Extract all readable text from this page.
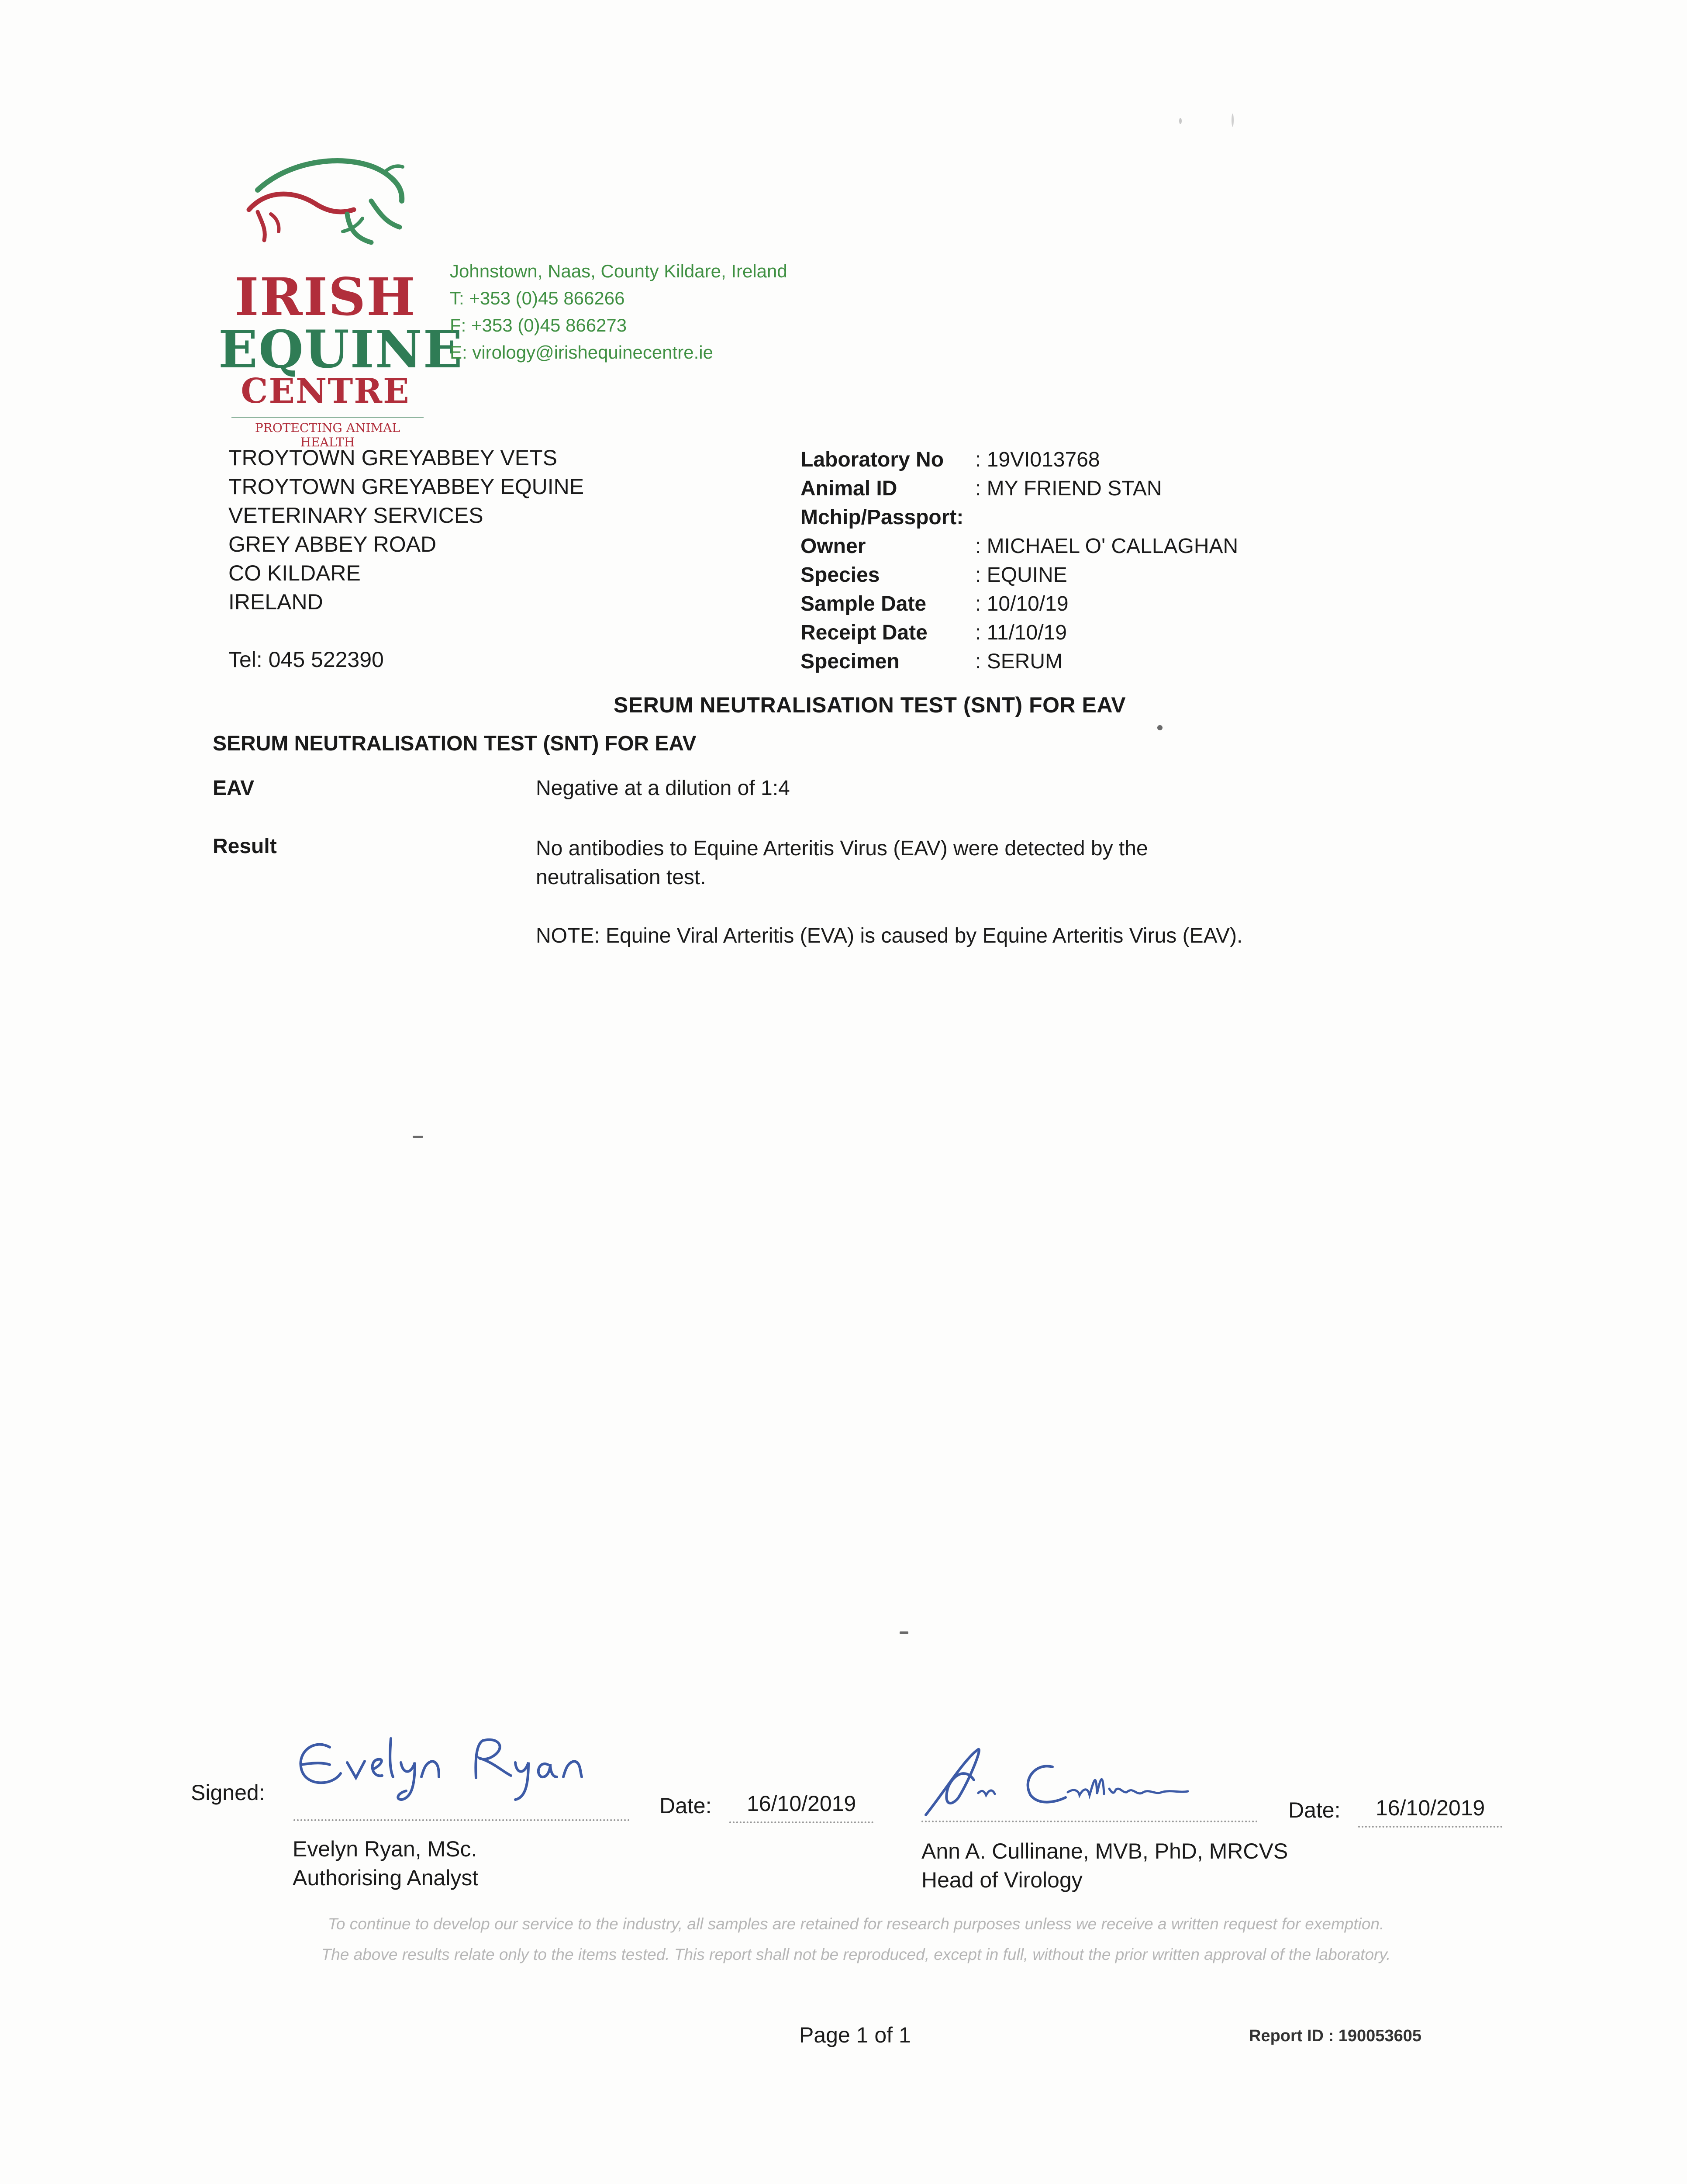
IRISH
EQUINE
CENTRE
PROTECTING ANIMAL HEALTH
Johnstown, Naas, County Kildare, Ireland
T: +353 (0)45 866266
F: +353 (0)45 866273
E: virology@irishequinecentre.ie
TROYTOWN GREYABBEY VETS
TROYTOWN GREYABBEY EQUINE
VETERINARY SERVICES
GREY ABBEY ROAD
CO KILDARE
IRELAND
Tel: 045 522390
Laboratory No	: 19VI013768
Animal ID	: MY FRIEND STAN
Mchip/Passport:
Owner	: MICHAEL O' CALLAGHAN
Species	: EQUINE
Sample Date	: 10/10/19
Receipt Date	: 11/10/19
Specimen	: SERUM
SERUM NEUTRALISATION TEST (SNT) FOR EAV
SERUM NEUTRALISATION TEST (SNT) FOR EAV
EAV	Negative at a dilution of 1:4
Result	No antibodies to Equine Arteritis Virus (EAV) were detected by the neutralisation test.
NOTE: Equine Viral Arteritis (EVA) is caused by Equine Arteritis Virus (EAV).
Signed:
Date: 16/10/2019
Evelyn Ryan, MSc.
Authorising Analyst
Date: 16/10/2019
Ann A. Cullinane, MVB, PhD, MRCVS
Head of Virology
To continue to develop our service to the industry, all samples are retained for research purposes unless we receive a written request for exemption.
The above results relate only to the items tested. This report shall not be reproduced, except in full, without the prior written approval of the laboratory.
Page 1 of 1	Report ID : 190053605
